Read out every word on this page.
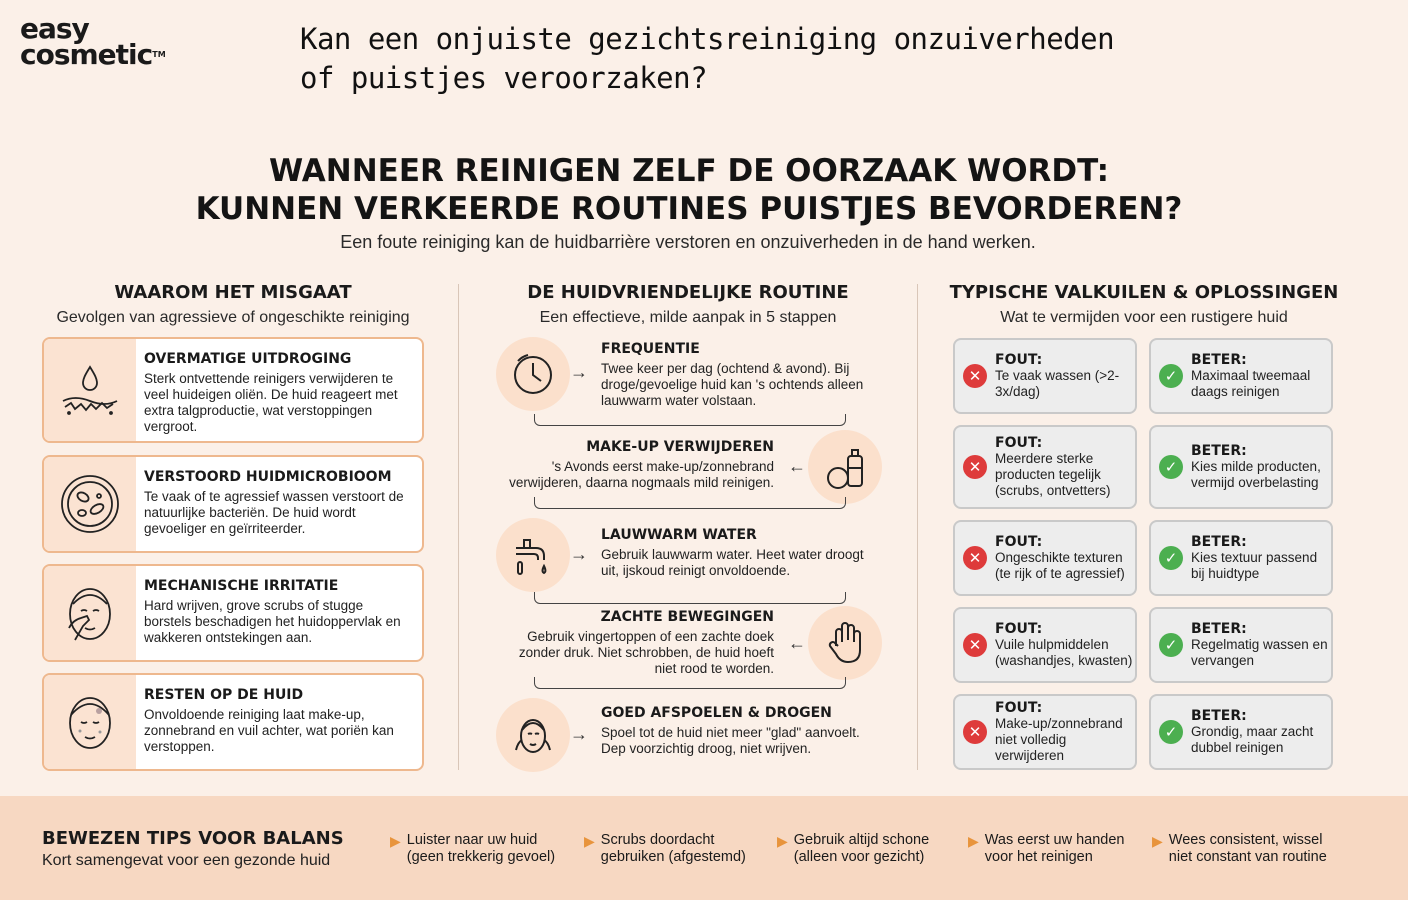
easy
cosmetic™	Kan een onjuiste gezichtsreiniging onzuiverheden of puistjes veroorzaken?
WANNEER REINIGEN ZELF DE OORZAAK WORDT:
KUNNEN VERKEERDE ROUTINES PUISTJES BEVORDEREN?
Een foute reiniging kan de huidbarrière verstoren en onzuiverheden in de hand werken.
WAAROM HET MISGAAT

Gevolgen van agressieve of ongeschikte reiniging

DE HUIDVRIENDELIJKE ROUTINE

Een effectieve, milde aanpak in 5 stappen

TYPISCHE VALKUILEN & OPLOSSINGEN

Wat te vermijden voor een rustigere huid

OVERMATIGE UITDROGING

Sterk ontvettende reinigers verwijderen te veel huideigen oliën. De huid reageert met extra talgproductie, wat verstoppingen vergroot.

VERSTOORD HUIDMICROBIOOM

Te vaak of te agressief wassen verstoort de natuurlijke bacteriën. De huid wordt gevoeliger en geïrriteerder.

MECHANISCHE IRRITATIE

Hard wrijven, grove scrubs of stugge borstels beschadigen het huidoppervlak en wakkeren ontstekingen aan.

RESTEN OP DE HUID

Onvoldoende reiniging laat make-up, zonnebrand en vuil achter, wat poriën kan verstoppen.

→
FREQUENTIE

Twee keer per dag (ochtend & avond). Bij droge/gevoelige huid kan 's ochtends alleen lauwwarm water volstaan.

MAKE-UP VERWIJDEREN

's Avonds eerst make-up/zonnebrand verwijderen, daarna nogmaals mild reinigen.

←
→
LAUWWARM WATER

Gebruik lauwwarm water. Heet water droogt uit, ijskoud reinigt onvoldoende.

ZACHTE BEWEGINGEN

Gebruik vingertoppen of een zachte doek zonder druk. Niet schrobben, de huid hoeft niet rood te worden.

←
→
GOED AFSPOELEN & DROGEN

Spoel tot de huid niet meer "glad" aanvoelt. Dep voorzichtig droog, niet wrijven.

✕
FOUT:
Te vaak wassen (>2-3x/dag)
✓
BETER:
Maximaal tweemaal daags reinigen
✕
FOUT:
Meerdere sterke producten tegelijk (scrubs, ontvetters)
✓
BETER:
Kies milde producten, vermijd overbelasting
✕
FOUT:
Ongeschikte texturen (te rijk of te agressief)
✓
BETER:
Kies textuur passend bij huidtype
✕
FOUT:
Vuile hulpmiddelen (washandjes, kwasten)
✓
BETER:
Regelmatig wassen en vervangen
✕
FOUT:
Make-up/zonnebrand niet volledig verwijderen
✓
BETER:
Grondig, maar zacht dubbel reinigen
BEWEZEN TIPS VOOR BALANS
Kort samengevat voor een gezonde huid
▶ Luister naar uw huid
(geen trekkerig gevoel)
▶ Scrubs doordacht
gebruiken (afgestemd)
▶ Gebruik altijd schone
(alleen voor gezicht)
▶ Was eerst uw handen
voor het reinigen
▶ Wees consistent, wissel
niet constant van routine
